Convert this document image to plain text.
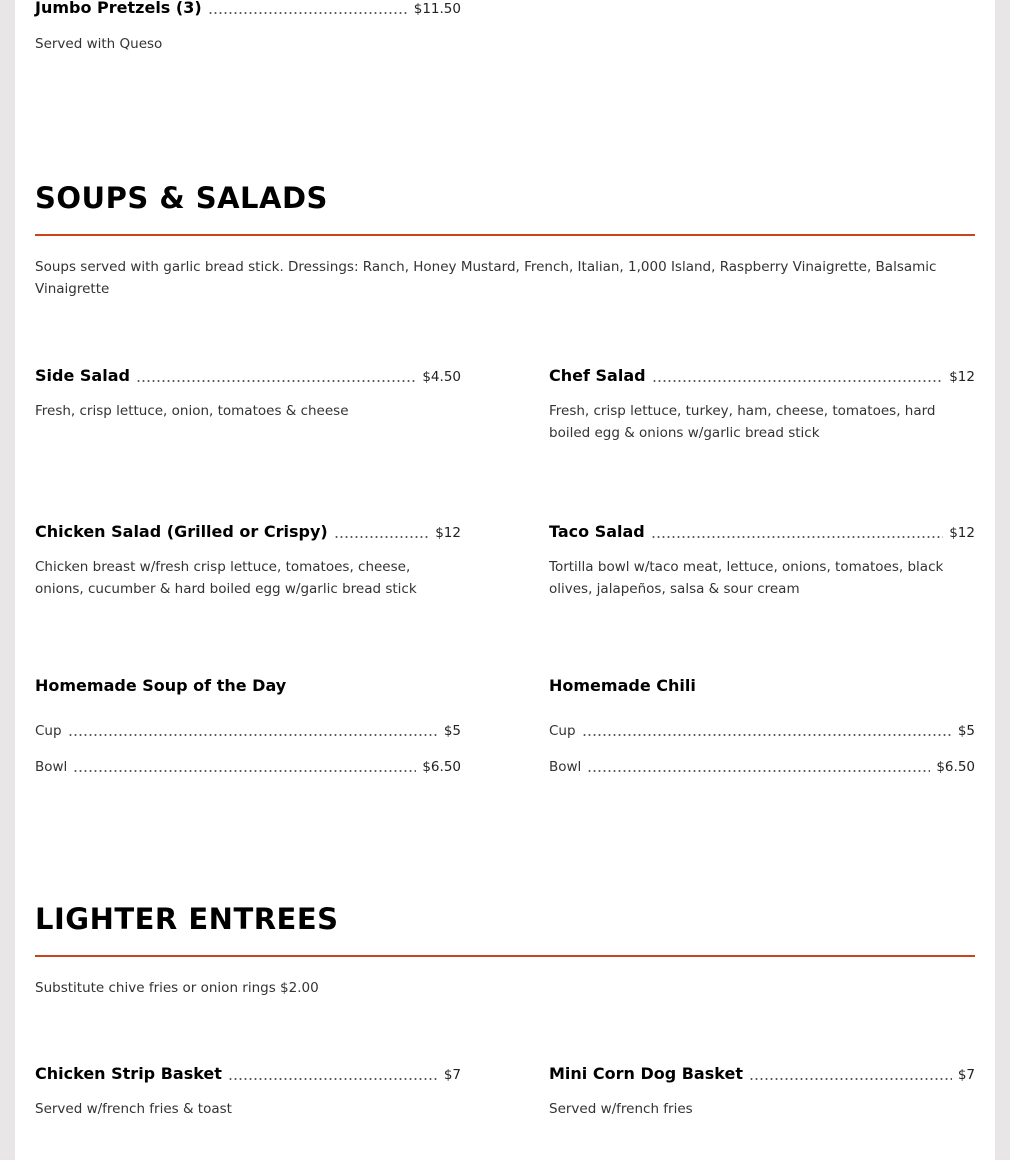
Jumbo Pretzels (3)	$11.50
Served with Queso
SOUPS & SALADS
Soups served with garlic bread stick. Dressings: Ranch, Honey Mustard, French, Italian, 1,000 Island, Raspberry Vinaigrette, Balsamic Vinaigrette
Side Salad	$4.50
Fresh, crisp lettuce, onion, tomatoes & cheese
Chef Salad	$12
Fresh, crisp lettuce, turkey, ham, cheese, tomatoes, hard boiled egg & onions w/garlic bread stick
Chicken Salad (Grilled or Crispy)	$12
Chicken breast w/fresh crisp lettuce, tomatoes, cheese, onions, cucumber & hard boiled egg w/garlic bread stick
Taco Salad	$12
Tortilla bowl w/taco meat, lettuce, onions, tomatoes, black olives, jalapeños, salsa & sour cream
Homemade Soup of the Day
Cup	$5
Bowl	$6.50
Homemade Chili
Cup	$5
Bowl	$6.50
LIGHTER ENTREES
Substitute chive fries or onion rings $2.00
Chicken Strip Basket	$7
Served w/french fries & toast
Mini Corn Dog Basket	$7
Served w/french fries
